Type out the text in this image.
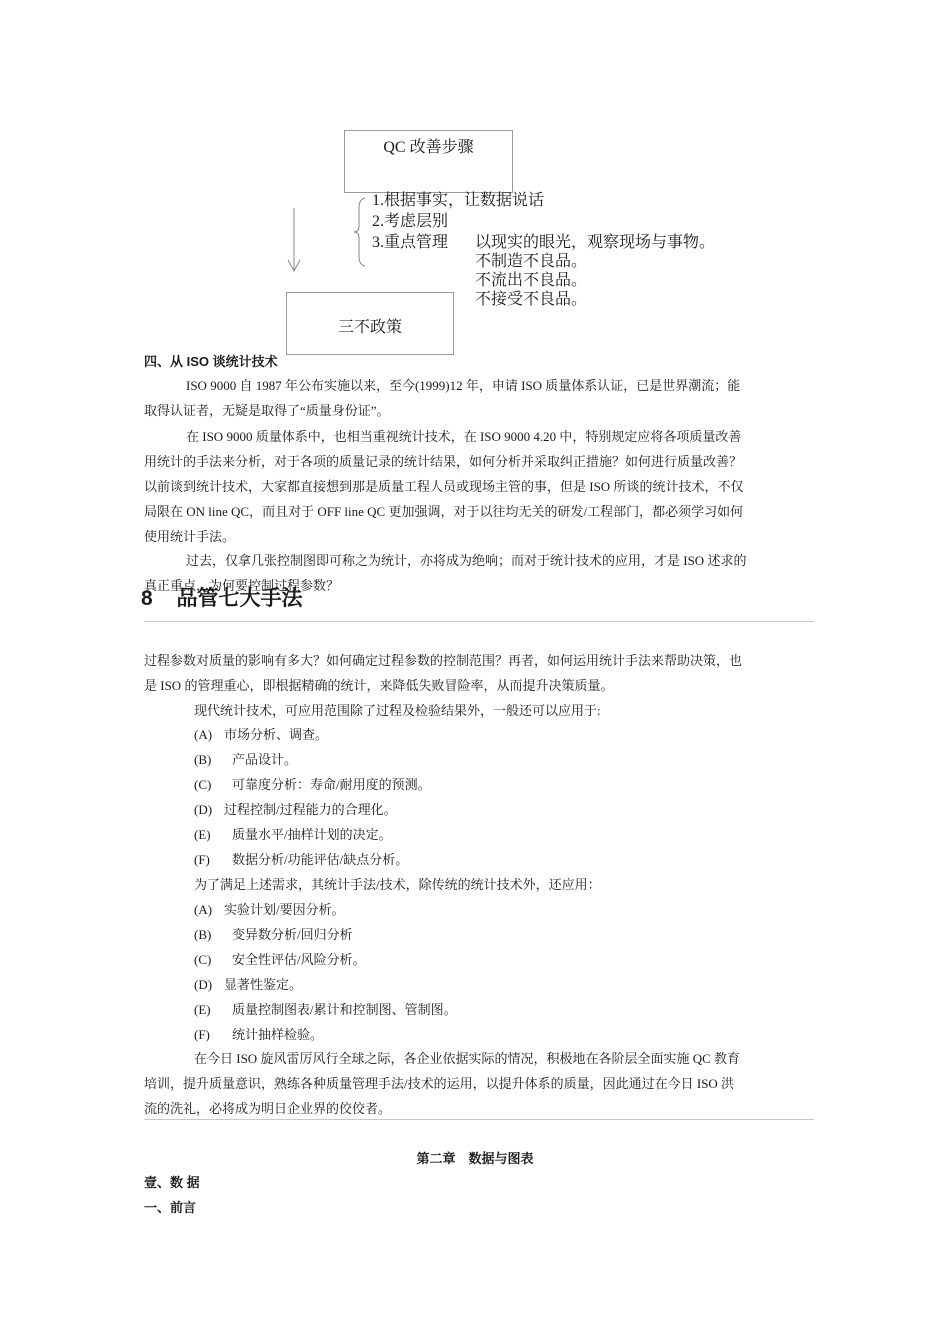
QC 改善步骤
1.根据事实，让数据说话
2.考虑层别
3.重点管理 以现实的眼光，观察现场与事物。
不制造不良品。
不流出不良品。
不接受不良品。
三不政策
四、从 ISO 谈统计技术
ISO 9000 自 1987 年公布实施以来，至今(1999)12 年，申请 ISO 质量体系认证，已是世界潮流；能
取得认证者，无疑是取得了“质量身份证”。
在 ISO 9000 质量体系中，也相当重视统计技术，在 ISO 9000 4.20 中，特别规定应将各项质量改善
用统计的手法来分析，对于各项的质量记录的统计结果，如何分析并采取纠正措施？如何进行质量改善？
以前谈到统计技术，大家都直接想到那是质量工程人员或现场主管的事，但是 ISO 所谈的统计技术，不仅
局限在 ON line QC，而且对于 OFF line QC 更加强调，对于以往均无关的研发/工程部门，都必须学习如何
使用统计手法。
过去，仅拿几张控制图即可称之为统计，亦将成为绝响；而对于统计技术的应用，才是 ISO 述求的
真正重点，为何要控制过程参数？
8 品管七大手法
过程参数对质量的影响有多大？如何确定过程参数的控制范围？再者，如何运用统计手法来帮助决策，也
是 ISO 的管理重心，即根据精确的统计，来降低失败冒险率，从而提升决策质量。
现代统计技术，可应用范围除了过程及检验结果外，一般还可以应用于:
(A) 市场分析、调查。
(B) 产品设计。
(C) 可靠度分析：寿命/耐用度的预测。
(D) 过程控制/过程能力的合理化。
(E) 质量水平/抽样计划的决定。
(F) 数据分析/功能评估/缺点分析。
为了满足上述需求，其统计手法/技术，除传统的统计技术外，还应用：
(A) 实验计划/要因分析。
(B) 变异数分析/回归分析
(C) 安全性评估/风险分析。
(D) 显著性鉴定。
(E) 质量控制图表/累计和控制图、管制图。
(F) 统计抽样检验。
在今日 ISO 旋风雷厉风行全球之际，各企业依据实际的情况，积极地在各阶层全面实施 QC 教育
培训，提升质量意识，熟练各种质量管理手法/技术的运用，以提升体系的质量，因此通过在今日 ISO 洪
流的洗礼，必将成为明日企业界的佼佼者。
第二章　数据与图表
壹、数 据
一、前言
